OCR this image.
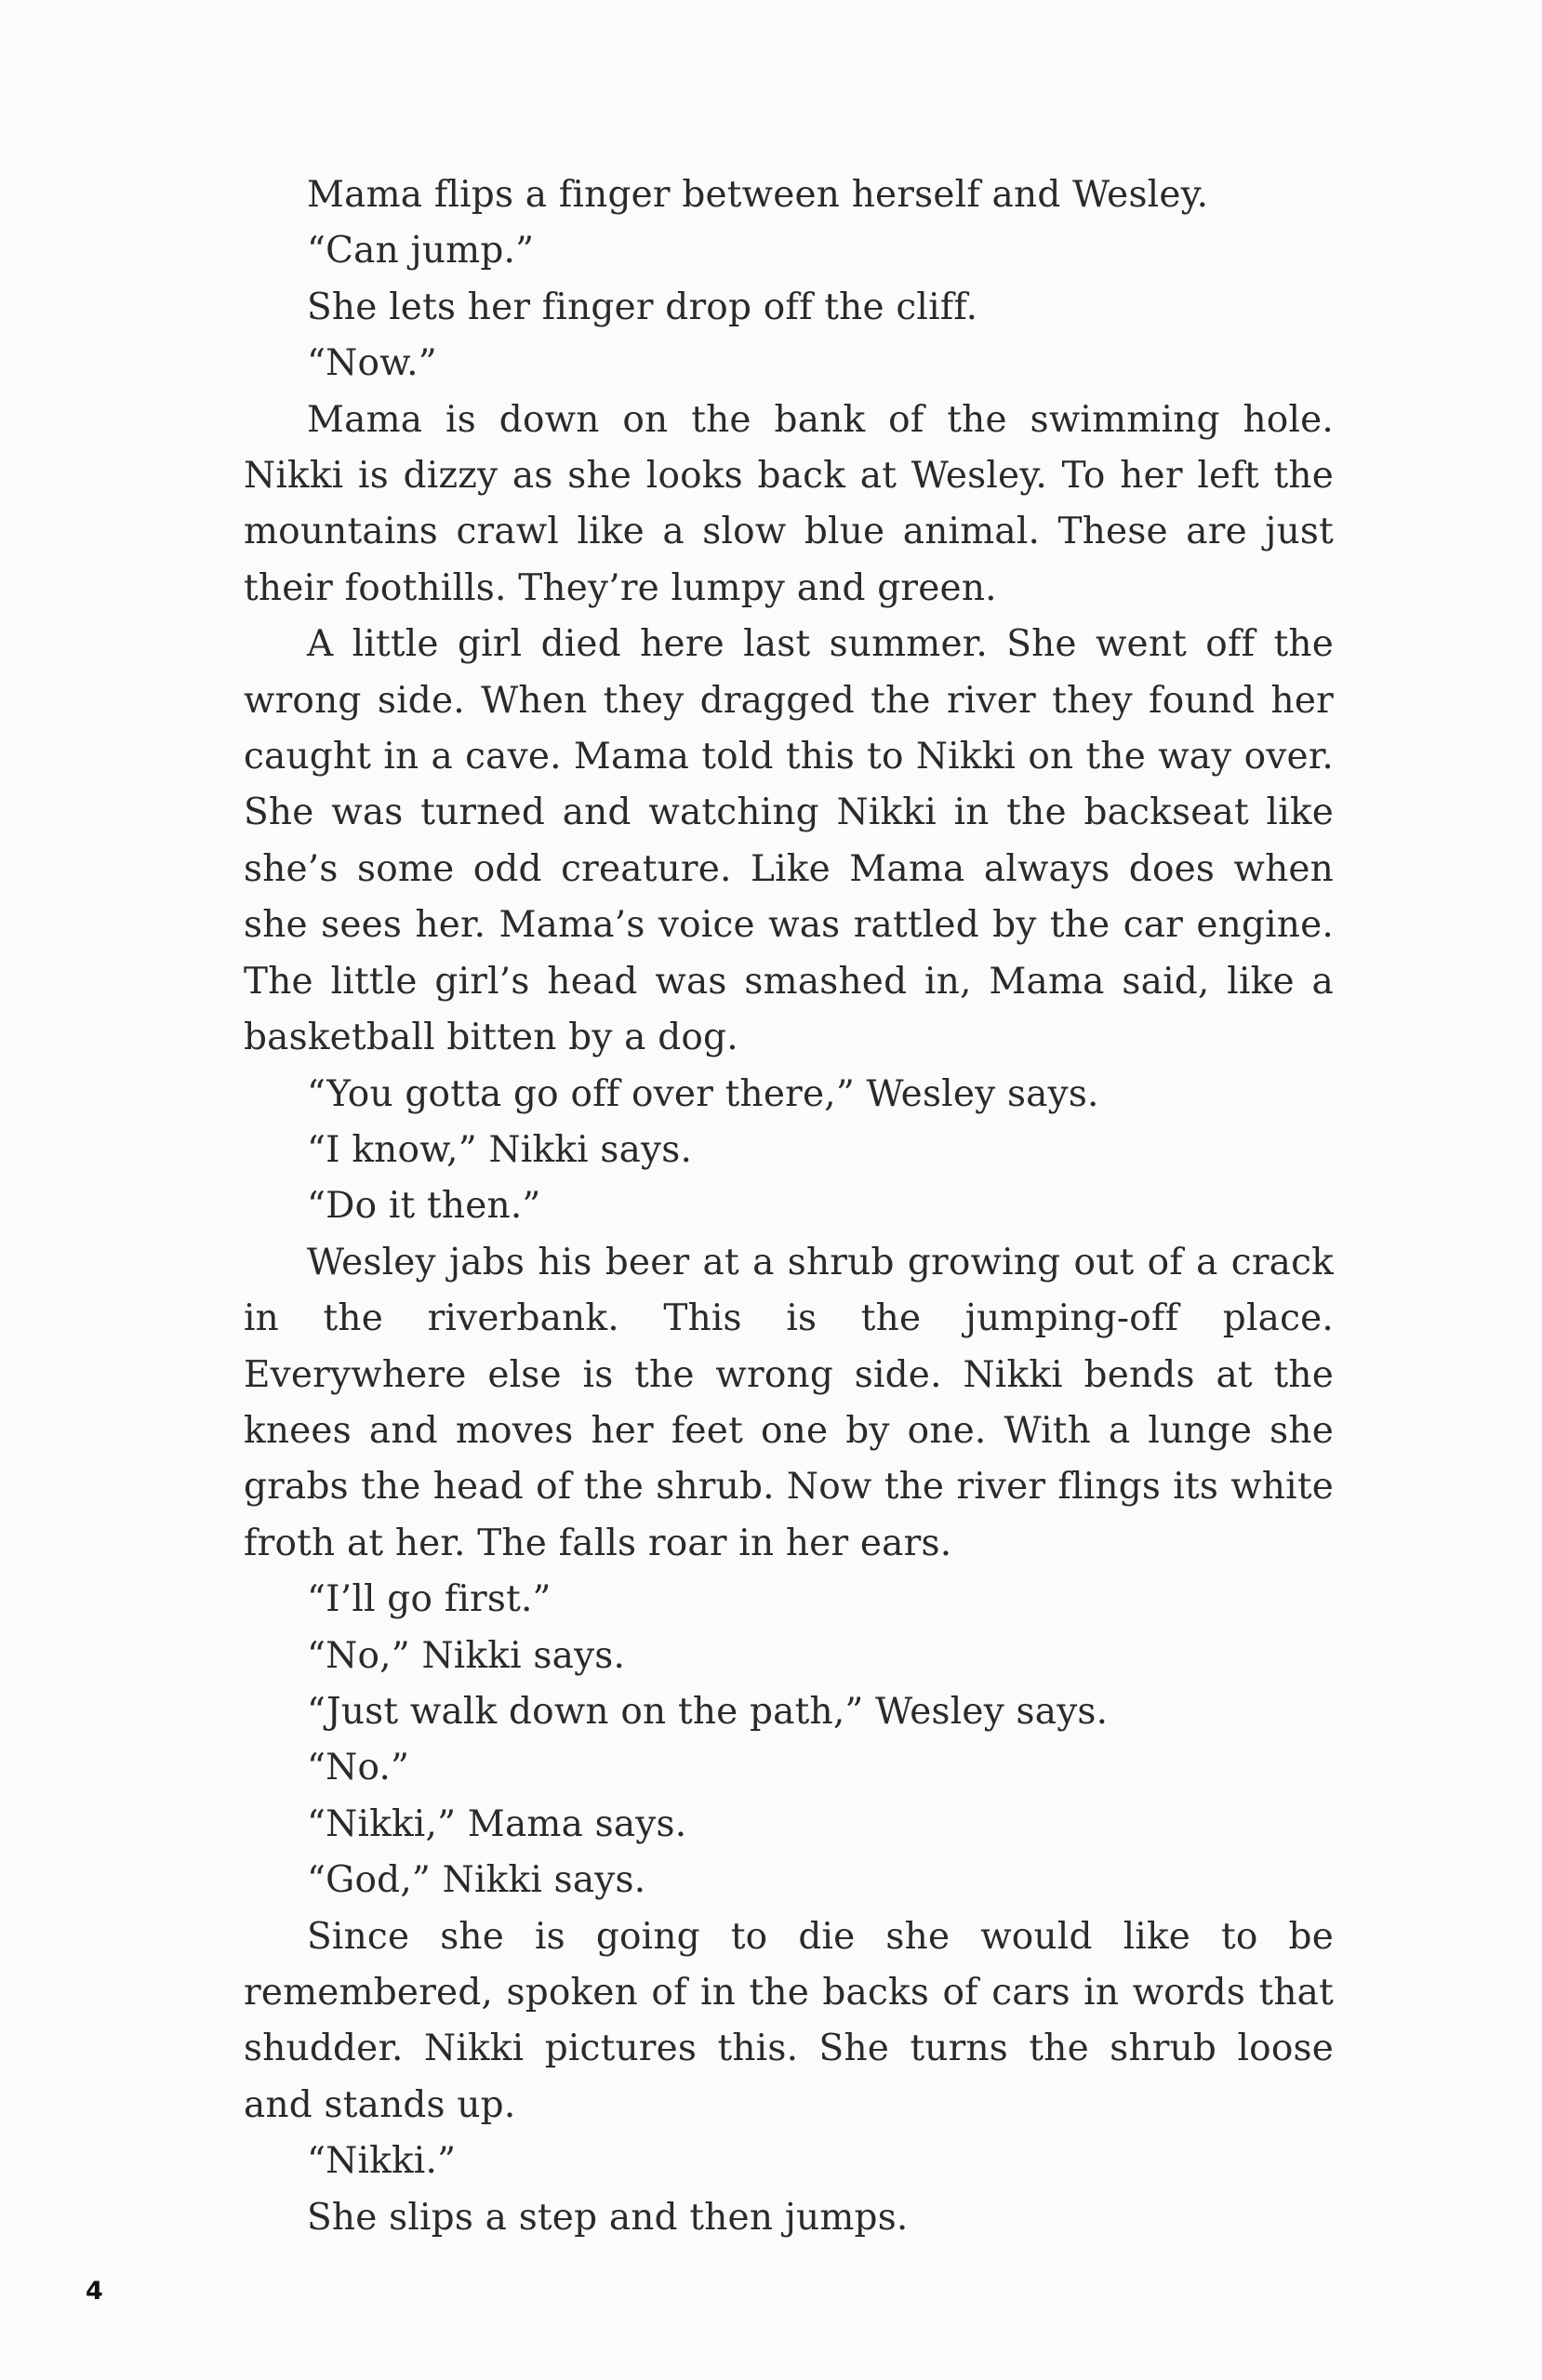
Mama flips a finger between herself and Wesley.

“Can jump.”

She lets her finger drop off the cliff.

“Now.”

Mama is down on the bank of the swimming hole. Nikki is dizzy as she looks back at Wesley. To her left the mountains crawl like a slow blue animal. These are just their foothills. They’re lumpy and green.

A little girl died here last summer. She went off the wrong side. When they dragged the river they found her caught in a cave. Mama told this to Nikki on the way over. She was turned and watching Nikki in the backseat like she’s some odd creature. Like Mama always does when she sees her. Mama’s voice was rattled by the car engine. The little girl’s head was smashed in, Mama said, like a basketball bitten by a dog.

“You gotta go off over there,” Wesley says.

“I know,” Nikki says.

“Do it then.”

Wesley jabs his beer at a shrub growing out of a crack in the riverbank. This is the jumping-off place. Everywhere else is the wrong side. Nikki bends at the knees and moves her feet one by one. With a lunge she grabs the head of the shrub. Now the river flings its white froth at her. The falls roar in her ears.

“I’ll go first.”

“No,” Nikki says.

“Just walk down on the path,” Wesley says.

“No.”

“Nikki,” Mama says.

“God,” Nikki says.

Since she is going to die she would like to be remembered, spoken of in the backs of cars in words that shudder. Nikki pictures this. She turns the shrub loose and stands up.

“Nikki.”

She slips a step and then jumps.

4
